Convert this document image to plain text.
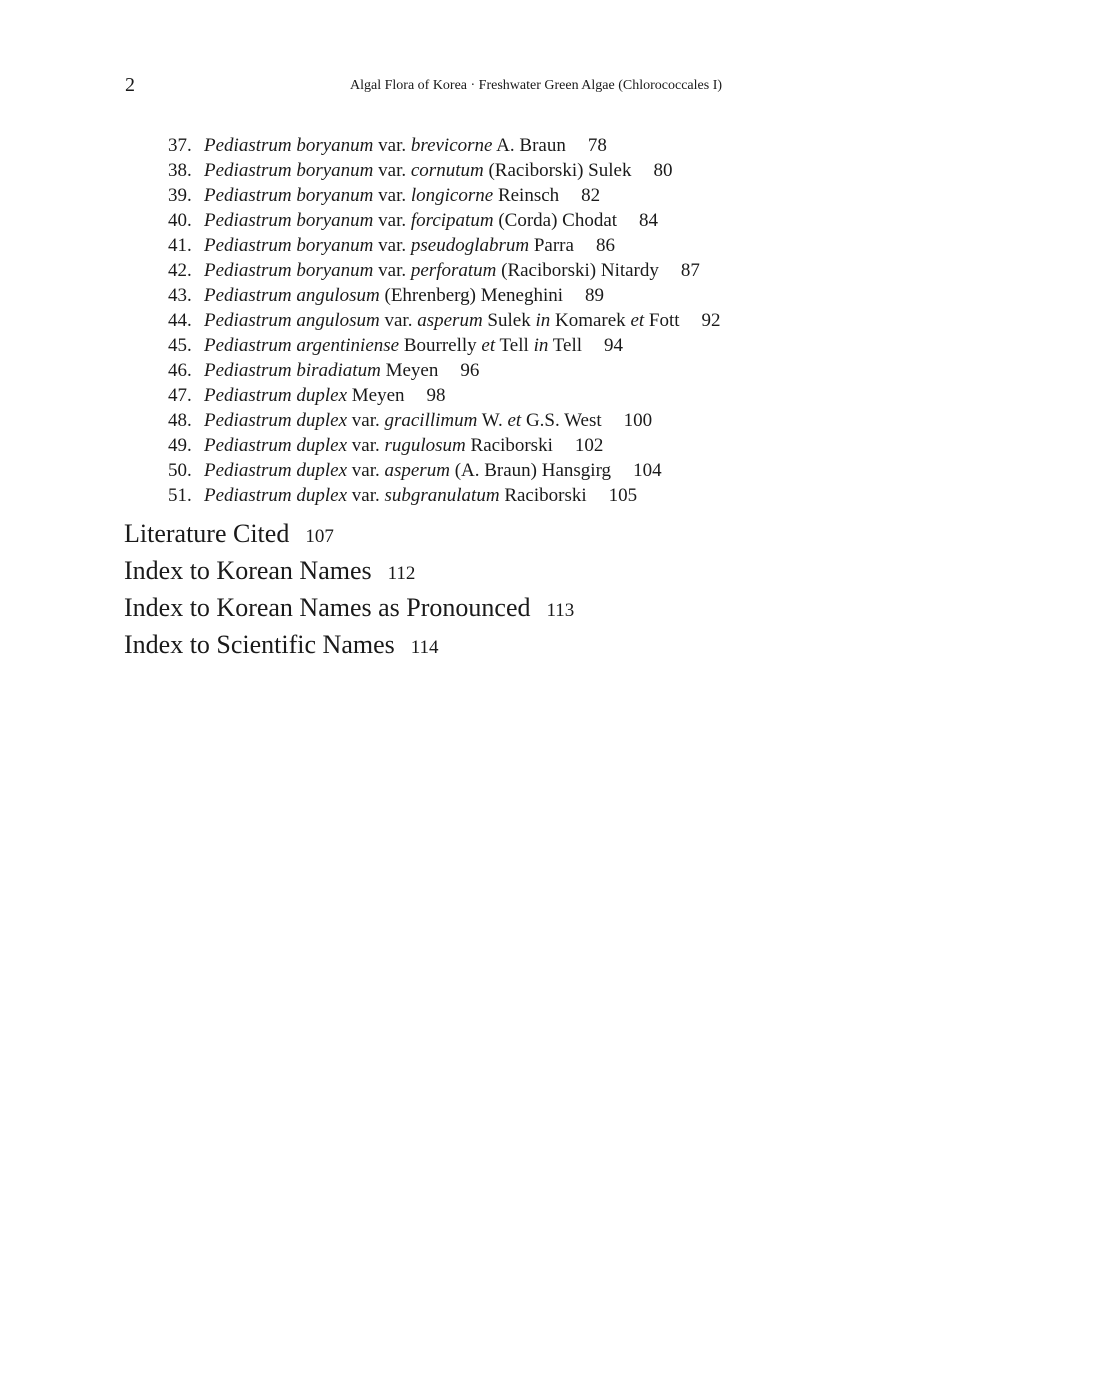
2	Algal Flora of Korea · Freshwater Green Algae (Chlorococcales I)
37. Pediastrum boryanum var. brevicorne A. Braun 78
38. Pediastrum boryanum var. cornutum (Raciborski) Sulek 80
39. Pediastrum boryanum var. longicorne Reinsch 82
40. Pediastrum boryanum var. forcipatum (Corda) Chodat 84
41. Pediastrum boryanum var. pseudoglabrum Parra 86
42. Pediastrum boryanum var. perforatum (Raciborski) Nitardy 87
43. Pediastrum angulosum (Ehrenberg) Meneghini 89
44. Pediastrum angulosum var. asperum Sulek in Komarek et Fott 92
45. Pediastrum argentiniense Bourrelly et Tell in Tell 94
46. Pediastrum biradiatum Meyen 96
47. Pediastrum duplex Meyen 98
48. Pediastrum duplex var. gracillimum W. et G.S. West 100
49. Pediastrum duplex var. rugulosum Raciborski 102
50. Pediastrum duplex var. asperum (A. Braun) Hansgirg 104
51. Pediastrum duplex var. subgranulatum Raciborski 105
Literature Cited 107
Index to Korean Names 112
Index to Korean Names as Pronounced 113
Index to Scientific Names 114
